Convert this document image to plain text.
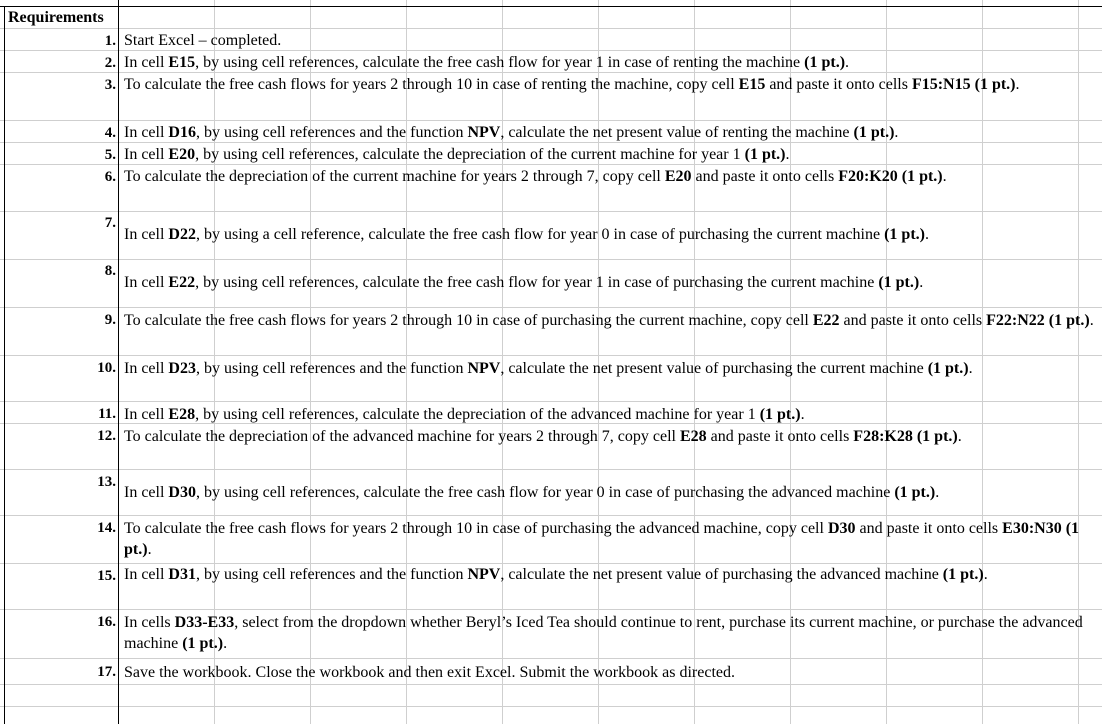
Requirements
1.
2.
3.
4.
5.
6.
7.
8.
9.
10.
11.
12.
13.
14.
15.
16.
17.
Start Excel – completed.
In cell E15, by using cell references, calculate the free cash flow for year 1 in case of renting the machine (1 pt.).
To calculate the free cash flows for years 2 through 10 in case of renting the machine, copy cell E15 and paste it onto cells F15:N15 (1 pt.).
In cell D16, by using cell references and the function NPV, calculate the net present value of renting the machine (1 pt.).
In cell E20, by using cell references, calculate the depreciation of the current machine for year 1 (1 pt.).
To calculate the depreciation of the current machine for years 2 through 7, copy cell E20 and paste it onto cells F20:K20 (1 pt.).
In cell D22, by using a cell reference, calculate the free cash flow for year 0 in case of purchasing the current machine (1 pt.).
In cell E22, by using cell references, calculate the free cash flow for year 1 in case of purchasing the current machine (1 pt.).
To calculate the free cash flows for years 2 through 10 in case of purchasing the current machine, copy cell E22 and paste it onto cells F22:N22 (1 pt.).
In cell D23, by using cell references and the function NPV, calculate the net present value of purchasing the current machine (1 pt.).
In cell E28, by using cell references, calculate the depreciation of the advanced machine for year 1 (1 pt.).
To calculate the depreciation of the advanced machine for years 2 through 7, copy cell E28 and paste it onto cells F28:K28 (1 pt.).
In cell D30, by using cell references, calculate the free cash flow for year 0 in case of purchasing the advanced machine (1 pt.).
To calculate the free cash flows for years 2 through 10 in case of purchasing the advanced machine, copy cell D30 and paste it onto cells E30:N30 (1 pt.).
In cell D31, by using cell references and the function NPV, calculate the net present value of purchasing the advanced machine (1 pt.).
In cells D33-E33, select from the dropdown whether Beryl’s Iced Tea should continue to rent, purchase its current machine, or purchase the advanced machine (1 pt.).
Save the workbook. Close the workbook and then exit Excel. Submit the workbook as directed.
